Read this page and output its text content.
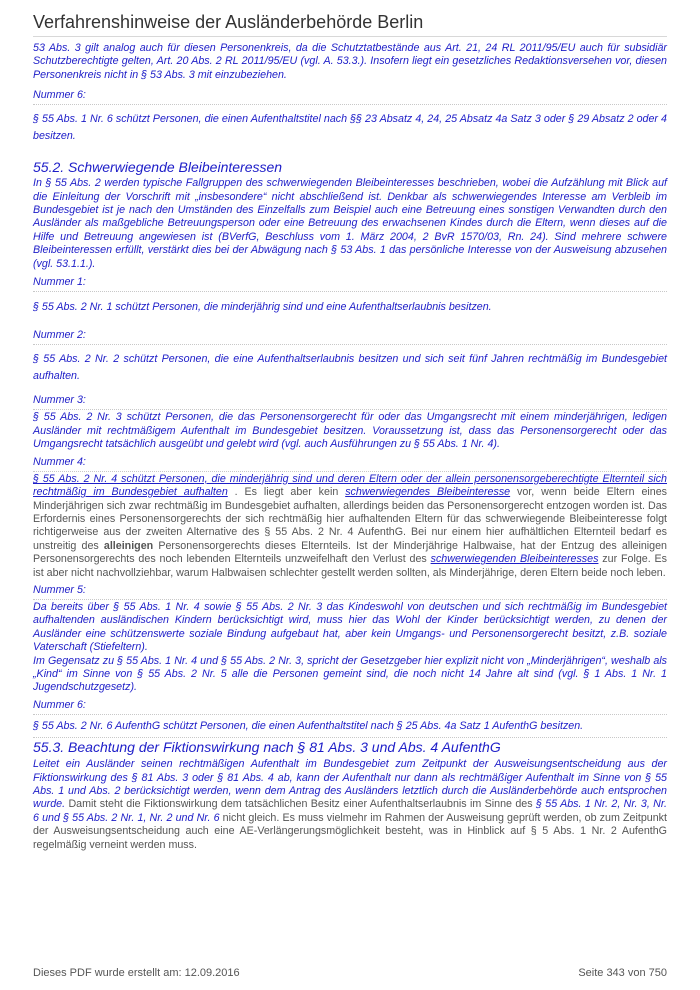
Verfahrenshinweise der Ausländerbehörde Berlin

53 Abs. 3 gilt analog auch für diesen Personenkreis, da die Schutztatbestände aus Art. 21, 24 RL 2011/95/EU auch für subsidiär Schutzberechtigte gelten, Art. 20 Abs. 2 RL 2011/95/EU (vgl. A. 53.3.). Insofern liegt ein gesetzliches Redaktionsversehen vor, diesen Personenkreis nicht in § 53 Abs. 3 mit einzubeziehen.

Nummer 6:

§ 55 Abs. 1 Nr. 6 schützt Personen, die einen Aufenthaltstitel nach §§ 23 Absatz 4, 24, 25 Absatz 4a Satz 3 oder § 29 Absatz 2 oder 4 besitzen.

55.2. Schwerwiegende Bleibeinteressen

In § 55 Abs. 2 werden typische Fallgruppen des schwerwiegenden Bleibeinteresses beschrieben, wobei die Aufzählung mit Blick auf die Einleitung der Vorschrift mit „insbesondere“ nicht abschließend ist. Denkbar als schwerwiegendes Interesse am Verbleib im Bundesgebiet ist je nach den Umständen des Einzelfalls zum Beispiel auch eine Betreuung eines sonstigen Verwandten durch den Ausländer als maßgebliche Betreuungsperson oder eine Betreuung des erwachsenen Kindes durch die Eltern, wenn dieses auf die Hilfe und Betreuung angewiesen ist (BVerfG, Beschluss vom 1. März 2004, 2 BvR 1570/03, Rn. 24). Sind mehrere schwere Bleibeinteressen erfüllt, verstärkt dies bei der Abwägung nach § 53 Abs. 1 das persönliche Interesse von der Ausweisung abzusehen (vgl. 53.1.1.).

Nummer 1:

§ 55 Abs. 2 Nr. 1 schützt Personen, die minderjährig sind und eine Aufenthaltserlaubnis besitzen.

Nummer 2:

§ 55 Abs. 2 Nr. 2 schützt Personen, die eine Aufenthaltserlaubnis besitzen und sich seit fünf Jahren rechtmäßig im Bundesgebiet aufhalten.

Nummer 3:

§ 55 Abs. 2 Nr. 3 schützt Personen, die das Personensorgerecht für oder das Umgangsrecht mit einem minderjährigen, ledigen Ausländer mit rechtmäßigem Aufenthalt im Bundesgebiet besitzen. Voraussetzung ist, dass das Personensorgerecht oder das Umgangsrecht tatsächlich ausgeübt und gelebt wird (vgl. auch Ausführungen zu § 55 Abs. 1 Nr. 4).

Nummer 4:

§ 55 Abs. 2 Nr. 4 schützt Personen, die minderjährig sind und deren Eltern oder der allein personensorgeberechtigte Elternteil sich rechtmäßig im Bundesgebiet aufhalten . Es liegt aber kein schwerwiegendes Bleibeinteresse vor, wenn beide Eltern eines Minderjährigen sich zwar rechtmäßig im Bundesgebiet aufhalten, allerdings beiden das Personensorgerecht entzogen worden ist. Das Erfordernis eines Personensorgerechts der sich rechtmäßig hier aufhaltenden Eltern für das schwerwiegende Bleibeinteresse folgt richtigerweise aus der zweiten Alternative des § 55 Abs. 2 Nr. 4 AufenthG. Bei nur einem hier aufhältlichen Elternteil bedarf es unstreitig des alleinigen Personensorgerechts dieses Elternteils. Ist der Minderjährige Halbwaise, hat der Entzug des alleinigen Personensorgerechts des noch lebenden Elternteils unzweifelhaft den Verlust des schwerwiegenden Bleibeinteresses zur Folge. Es ist aber nicht nachvollziehbar, warum Halbwaisen schlechter gestellt werden sollten, als Minderjährige, deren Eltern beide noch leben.

Nummer 5:

Da bereits über § 55 Abs. 1 Nr. 4 sowie § 55 Abs. 2 Nr. 3 das Kindeswohl von deutschen und sich rechtmäßig im Bundesgebiet aufhaltenden ausländischen Kindern berücksichtigt wird, muss hier das Wohl der Kinder berücksichtigt werden, zu denen der Ausländer eine schützenswerte soziale Bindung aufgebaut hat, aber kein Umgangs- und Personensorgerecht besitzt, z.B. soziale Vaterschaft (Stiefeltern).

Im Gegensatz zu § 55 Abs. 1 Nr. 4 und § 55 Abs. 2 Nr. 3, spricht der Gesetzgeber hier explizit nicht von „Minderjährigen“, weshalb als „Kind“ im Sinne von § 55 Abs. 2 Nr. 5 alle die Personen gemeint sind, die noch nicht 14 Jahre alt sind (vgl. § 1 Abs. 1 Nr. 1 Jugendschutzgesetz).

Nummer 6:

§ 55 Abs. 2 Nr. 6 AufenthG schützt Personen, die einen Aufenthaltstitel nach § 25 Abs. 4a Satz 1 AufenthG besitzen.

55.3. Beachtung der Fiktionswirkung nach § 81 Abs. 3 und Abs. 4 AufenthG

Leitet ein Ausländer seinen rechtmäßigen Aufenthalt im Bundesgebiet zum Zeitpunkt der Ausweisungsentscheidung aus der Fiktionswirkung des § 81 Abs. 3 oder § 81 Abs. 4 ab, kann der Aufenthalt nur dann als rechtmäßiger Aufenthalt im Sinne von § 55 Abs. 1 und Abs. 2 berücksichtigt werden, wenn dem Antrag des Ausländers letztlich durch die Ausländerbehörde auch entsprochen wurde. Damit steht die Fiktionswirkung dem tatsächlichen Besitz einer Aufenthaltserlaubnis im Sinne des § 55 Abs. 1 Nr. 2, Nr. 3, Nr. 6 und § 55 Abs. 2 Nr. 1, Nr. 2 und Nr. 6 nicht gleich. Es muss vielmehr im Rahmen der Ausweisung geprüft werden, ob zum Zeitpunkt der Ausweisungsentscheidung auch eine AE-Verlängerungsmöglichkeit besteht, was in Hinblick auf § 5 Abs. 1 Nr. 2 AufenthG regelmäßig verneint werden muss.

Dieses PDF wurde erstellt am: 12.09.2016	Seite 343 von 750
